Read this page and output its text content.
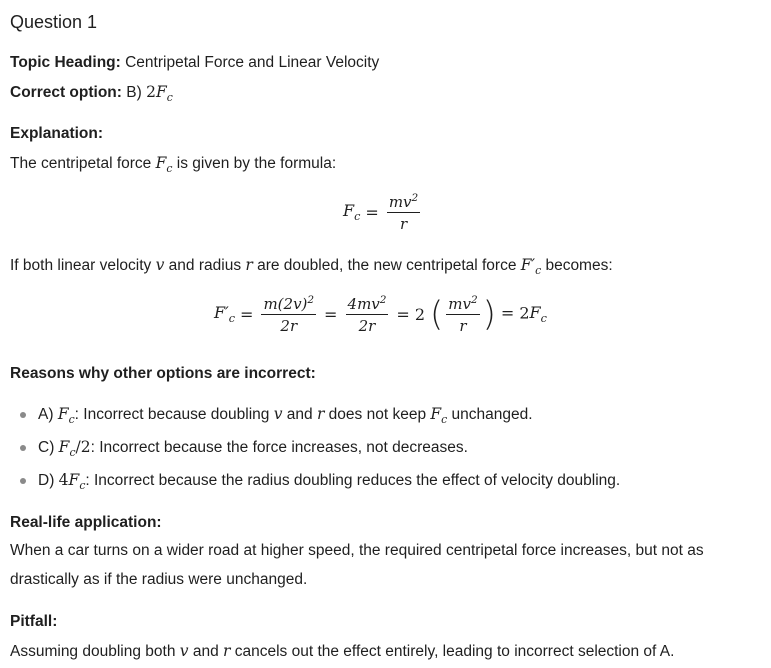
Question 1
Topic Heading: Centripetal Force and Linear Velocity
Correct option: B) $2F_c$
Explanation:
The centripetal force $F_c$ is given by the formula:
$F_c = \frac{mv^2}{r}$
If both linear velocity v and radius r are doubled, the new centripetal force $F'_c$ becomes:
$F'_c = \frac{m(2v)^2}{2r} = \frac{4mv^2}{2r} = 2$ ( $\frac{mv^2}{r}$ ) = $2F_c$
Reasons why other options are incorrect:
A) $F_c$: Incorrect because doubling v and r does not keep $F_c$ unchanged.
C) $F_c/2$: Incorrect because the force increases, not decreases.
D) $4F_c$: Incorrect because the radius doubling reduces the effect of velocity doubling.
Real-life application:
When a car turns on a wider road at higher speed, the required centripetal force increases, but not as
drastically as if the radius were unchanged.
Pitfall:
Assuming doubling both v and r cancels out the effect entirely, leading to incorrect selection of A.
